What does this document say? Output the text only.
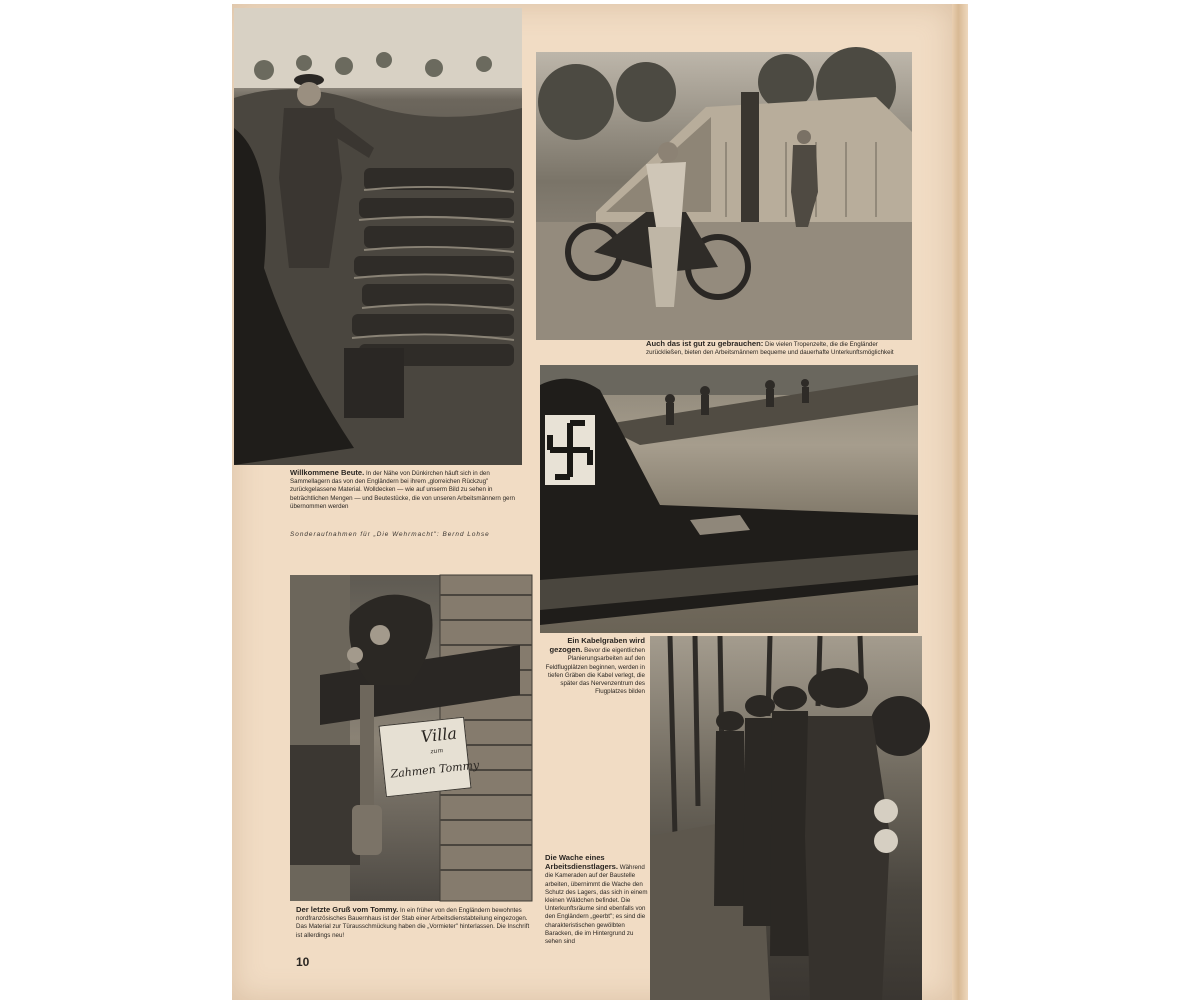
Willkommene Beute. In der Nähe von Dünkirchen häuft sich in den Sammellagern das von den Engländern bei ihrem „glorreichen Rückzug" zurückgelassene Material. Wolldecken — wie auf unserm Bild zu sehen in beträchtlichen Mengen — und Beutestücke, die von unseren Arbeitsmännern gern übernommen werden
Sonderaufnahmen für „Die Wehrmacht": Bernd Lohse
Auch das ist gut zu gebrauchen: Die vielen Tropenzelte, die die Engländer zurückließen, bieten den Arbeitsmännern bequeme und dauerhafte Unterkunftsmöglichkeit
Ein Kabelgraben wird gezogen. Bevor die eigentlichen Planierungsarbeiten auf den Feldflugplätzen beginnen, werden in tiefen Gräben die Kabel verlegt, die später das Nervenzentrum des Flugplatzes bilden
Villa
zum
Zahmen Tommy
Der letzte Gruß vom Tommy. In ein früher von den Engländern bewohntes nordfranzösisches Bauernhaus ist der Stab einer Arbeitsdienstabteilung eingezogen. Das Material zur Türausschmückung haben die „Vormieter" hinterlassen. Die Inschrift ist allerdings neu!
Die Wache eines Arbeitsdienstlagers. Während die Kameraden auf der Baustelle arbeiten, übernimmt die Wache den Schutz des Lagers, das sich in einem kleinen Wäldchen befindet. Die Unterkunftsräume sind ebenfalls von den Engländern „geerbt"; es sind die charakteristischen gewölbten Baracken, die im Hintergrund zu sehen sind
10
